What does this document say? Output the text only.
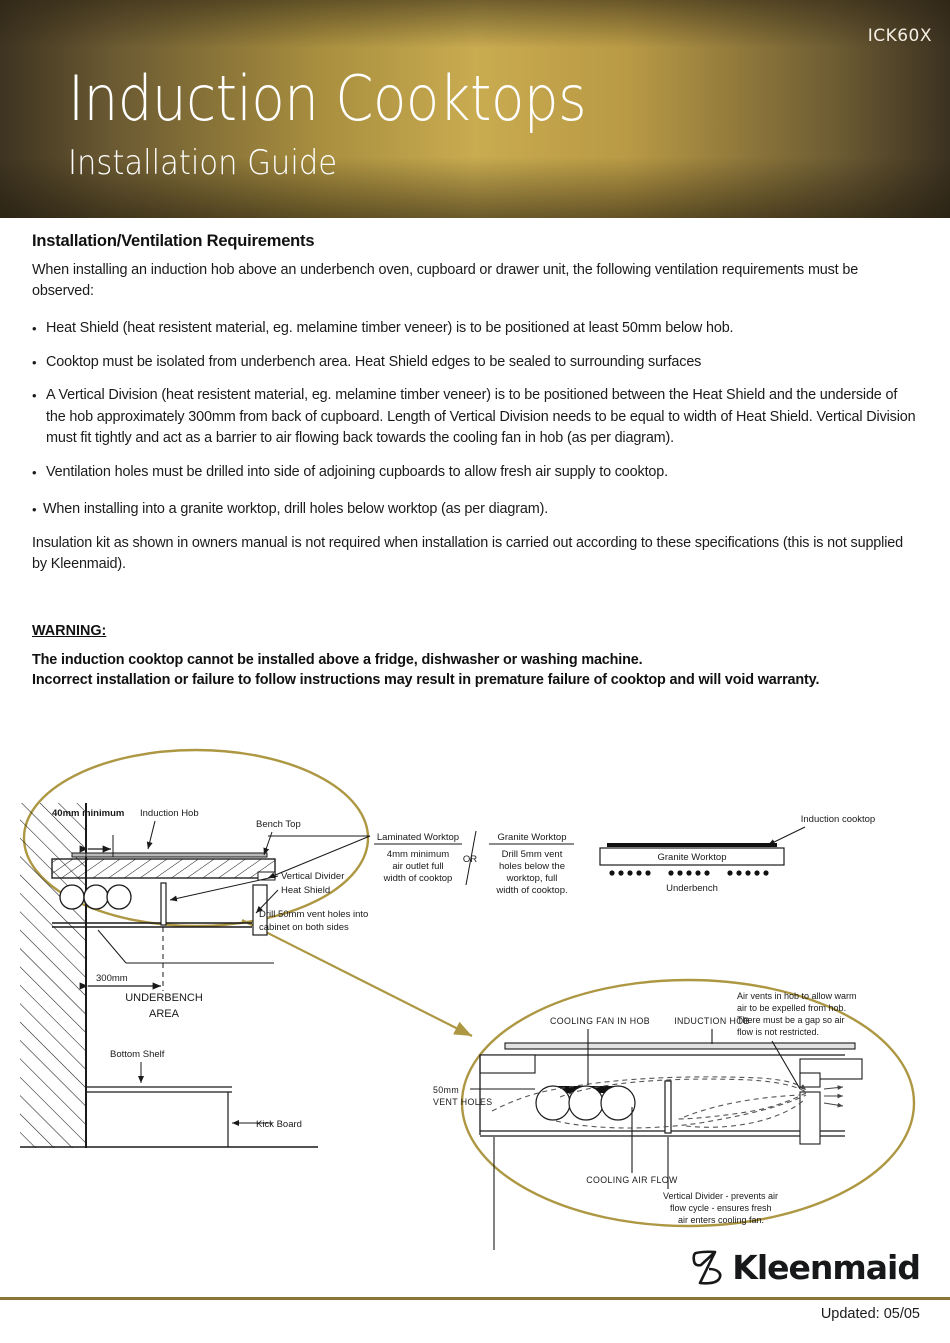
ICK60X
Induction Cooktops
Installation Guide
Installation/Ventilation Requirements

When installing an induction hob above an underbench oven, cupboard or drawer unit, the following ventilation requirements must be observed:

• Heat Shield (heat resistent material, eg. melamine timber veneer) is to be positioned at least 50mm below hob.
• Cooktop must be isolated from underbench area. Heat Shield edges to be sealed to surrounding surfaces
• A Vertical Division (heat resistent material, eg. melamine timber veneer) is to be positioned between the Heat Shield and the underside of the hob approximately 300mm from back of cupboard. Length of Vertical Division needs to be equal to width of Heat Shield. Vertical Division must fit tightly and act as a barrier to air flowing back towards the cooling fan in hob (as per diagram).
• Ventilation holes must be drilled into side of adjoining cupboards to allow fresh air supply to cooktop.
• When installing into a granite worktop, drill holes below worktop (as per diagram).

Insulation kit as shown in owners manual is not required when installation is carried out according to these specifications (this is not supplied by Kleenmaid).

WARNING:
The induction cooktop cannot be installed above a fridge, dishwasher or washing machine.
Incorrect installation or failure to follow instructions may result in premature failure of cooktop and will void warranty.
40mm minimum Induction Hob
Bench Top
Vertical Divider
Heat Shield
Drill 50mm vent holes into
cabinet on both sides
300mm
UNDERBENCH
AREA
Bottom Shelf
Kick Board
Laminated Worktop
4mm minimum
air outlet full
width of cooktop
OR
Granite Worktop
Drill 5mm vent
holes below the
worktop, full
width of cooktop.
Induction cooktop
Granite Worktop
Underbench
COOLING FAN IN HOB	INDUCTION HOB
Air vents in hob to allow warm
air to be expelled from hob.
There must be a gap so air
flow is not restricted.
50mm
VENT HOLES
COOLING AIR FLOW
Vertical Divider - prevents air
flow cycle - ensures fresh
air enters cooling fan.
Kleenmaid
Updated: 05/05
